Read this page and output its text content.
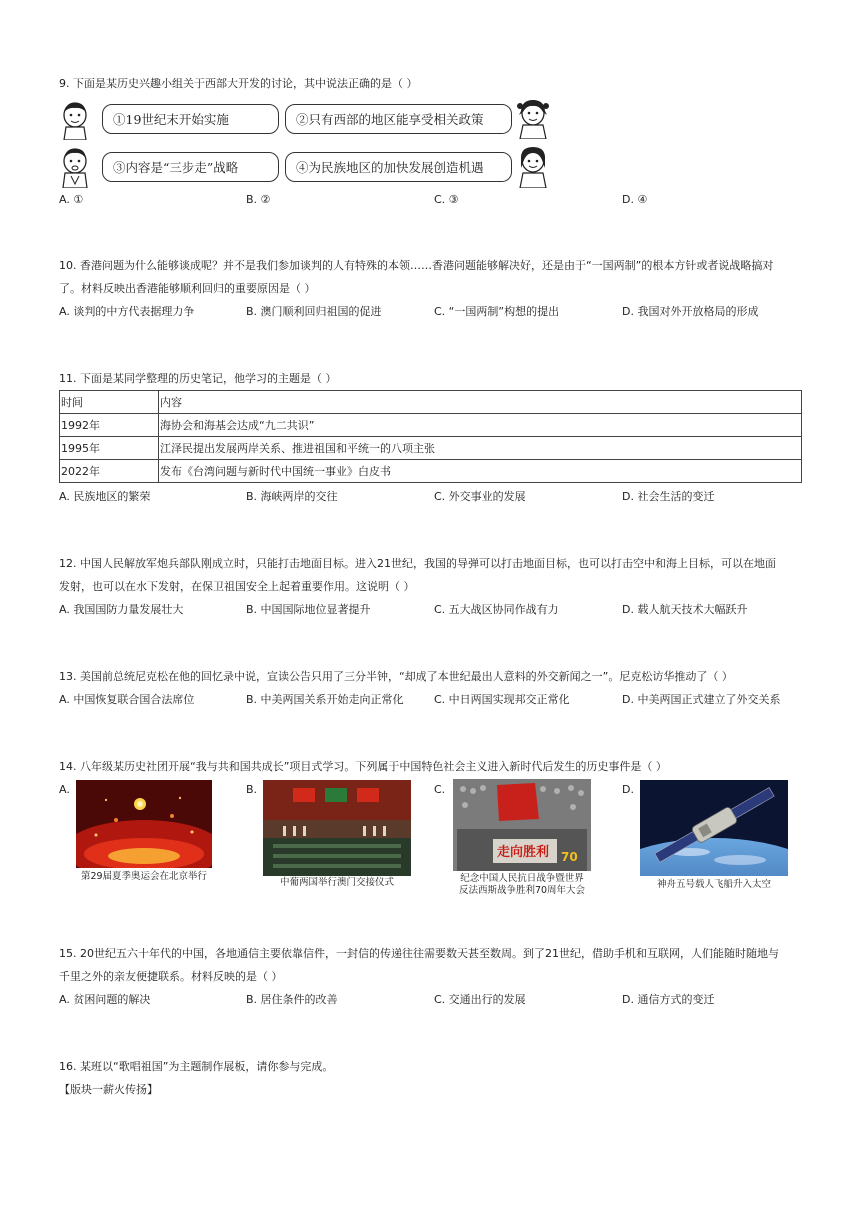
9. 下面是某历史兴趣小组关于西部大开发的讨论，其中说法正确的是（ ）
①19世纪末开始实施	②只有西部的地区能享受相关政策
③内容是“三步走”战略	④为民族地区的加快发展创造机遇
A. ①	B. ②	C. ③	D. ④
10. 香港问题为什么能够谈成呢？并不是我们参加谈判的人有特殊的本领……香港问题能够解决好，还是由于“一国两制”的根本方针或者说战略搞对
了。材料反映出香港能够顺利回归的重要原因是（ ）
A. 谈判的中方代表据理力争	B. 澳门顺利回归祖国的促进	C. “一国两制”构想的提出	D. 我国对外开放格局的形成
11. 下面是某同学整理的历史笔记，他学习的主题是（ ）
时间	内容
1992年	海协会和海基会达成“九二共识”
1995年	江泽民提出发展两岸关系、推进祖国和平统一的八项主张
2022年	发布《台湾问题与新时代中国统一事业》白皮书
A. 民族地区的繁荣	B. 海峡两岸的交往	C. 外交事业的发展	D. 社会生活的变迁
12. 中国人民解放军炮兵部队刚成立时，只能打击地面目标。进入21世纪，我国的导弹可以打击地面目标，也可以打击空中和海上目标，可以在地面
发射，也可以在水下发射，在保卫祖国安全上起着重要作用。这说明（ ）
A. 我国国防力量发展壮大	B. 中国国际地位显著提升	C. 五大战区协同作战有力	D. 载人航天技术大幅跃升
13. 美国前总统尼克松在他的回忆录中说，宣读公告只用了三分半钟，“却成了本世纪最出人意料的外交新闻之一”。尼克松访华推动了（ ）
A. 中国恢复联合国合法席位	B. 中美两国关系开始走向正常化	C. 中日两国实现邦交正常化	D. 中美两国正式建立了外交关系
14. 八年级某历史社团开展“我与共和国共成长”项目式学习。下列属于中国特色社会主义进入新时代后发生的历史事件是（ ）
A.
第29届夏季奥运会在北京举行
B.
中葡两国举行澳门交接仪式
C.
走向胜利 70
纪念中国人民抗日战争暨世界
反法西斯战争胜利70周年大会
D.
神舟五号载人飞船升入太空
15. 20世纪五六十年代的中国，各地通信主要依靠信件，一封信的传递往往需要数天甚至数周。到了21世纪，借助手机和互联网，人们能随时随地与
千里之外的亲友便捷联系。材料反映的是（ ）
A. 贫困问题的解决	B. 居住条件的改善	C. 交通出行的发展	D. 通信方式的变迁
16. 某班以“歌唱祖国”为主题制作展板，请你参与完成。
【版块一薪火传扬】
